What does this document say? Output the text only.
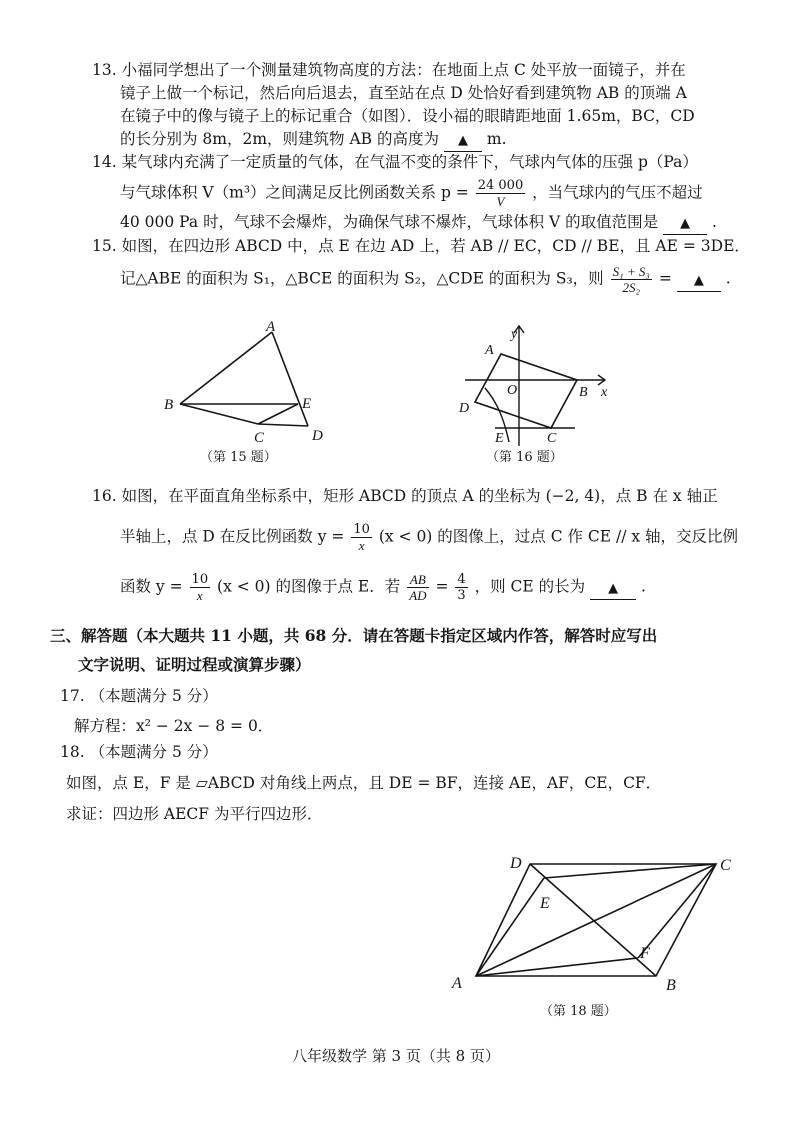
13. 小福同学想出了一个测量建筑物高度的方法：在地面上点 C 处平放一面镜子，并在
镜子上做一个标记，然后向后退去，直至站在点 D 处恰好看到建筑物 AB 的顶端 A
在镜子中的像与镜子上的标记重合（如图）．设小福的眼睛距地面 1.65m，BC，CD
的长分别为 8m，2m，则建筑物 AB 的高度为 ▲ m.
14. 某气球内充满了一定质量的气体，在气温不变的条件下，气球内气体的压强 p（Pa）
与气球体积 V（m³）之间满足反比例函数关系 $p = \frac{24 000}{V}$ ，当气球内的气压不超过
40 000 Pa 时，气球不会爆炸，为确保气球不爆炸，气球体积 V 的取值范围是 ▲ .
15. 如图，在四边形 ABCD 中，点 E 在边 AD 上，若 AB // EC，CD // BE，且 AE = 3DE．
记△ABE 的面积为 S₁，△BCE 的面积为 S₂，△CDE 的面积为 S₃，则 $\frac{\text{S₁ + S₃}}{\text{2S₂}}$ = ▲ .
A
B	E
C	D
（第 15 题）
y
A
O	B x
D
E	C
（第 16 题）
16. 如图，在平面直角坐标系中，矩形 ABCD 的顶点 A 的坐标为 (−2, 4)，点 B 在 x 轴正
半轴上，点 D 在反比例函数 $y = \frac{10}{x} (x < 0)$ 的图像上，过点 C 作 CE // x 轴，交反比例
函数 $y = \frac{10}{x} (x < 0)$ 的图像于点 E．若 $\frac{AB}{AD} = \frac{4}{3}$ ，则 CE 的长为 ▲ .
三、解答题（本大题共 11 小题，共 68 分．请在答题卡指定区域内作答，解答时应写出
文字说明、证明过程或演算步骤）
17. （本题满分 5 分）
解方程：x² − 2x − 8 = 0．
18. （本题满分 5 分）
如图，点 E，F 是 ▱ABCD 对角线上两点，且 DE = BF，连接 AE，AF，CE，CF．
求证：四边形 AECF 为平行四边形．
D	C
E
F
A	B
（第 18 题）
八年级数学 第 3 页（共 8 页）
